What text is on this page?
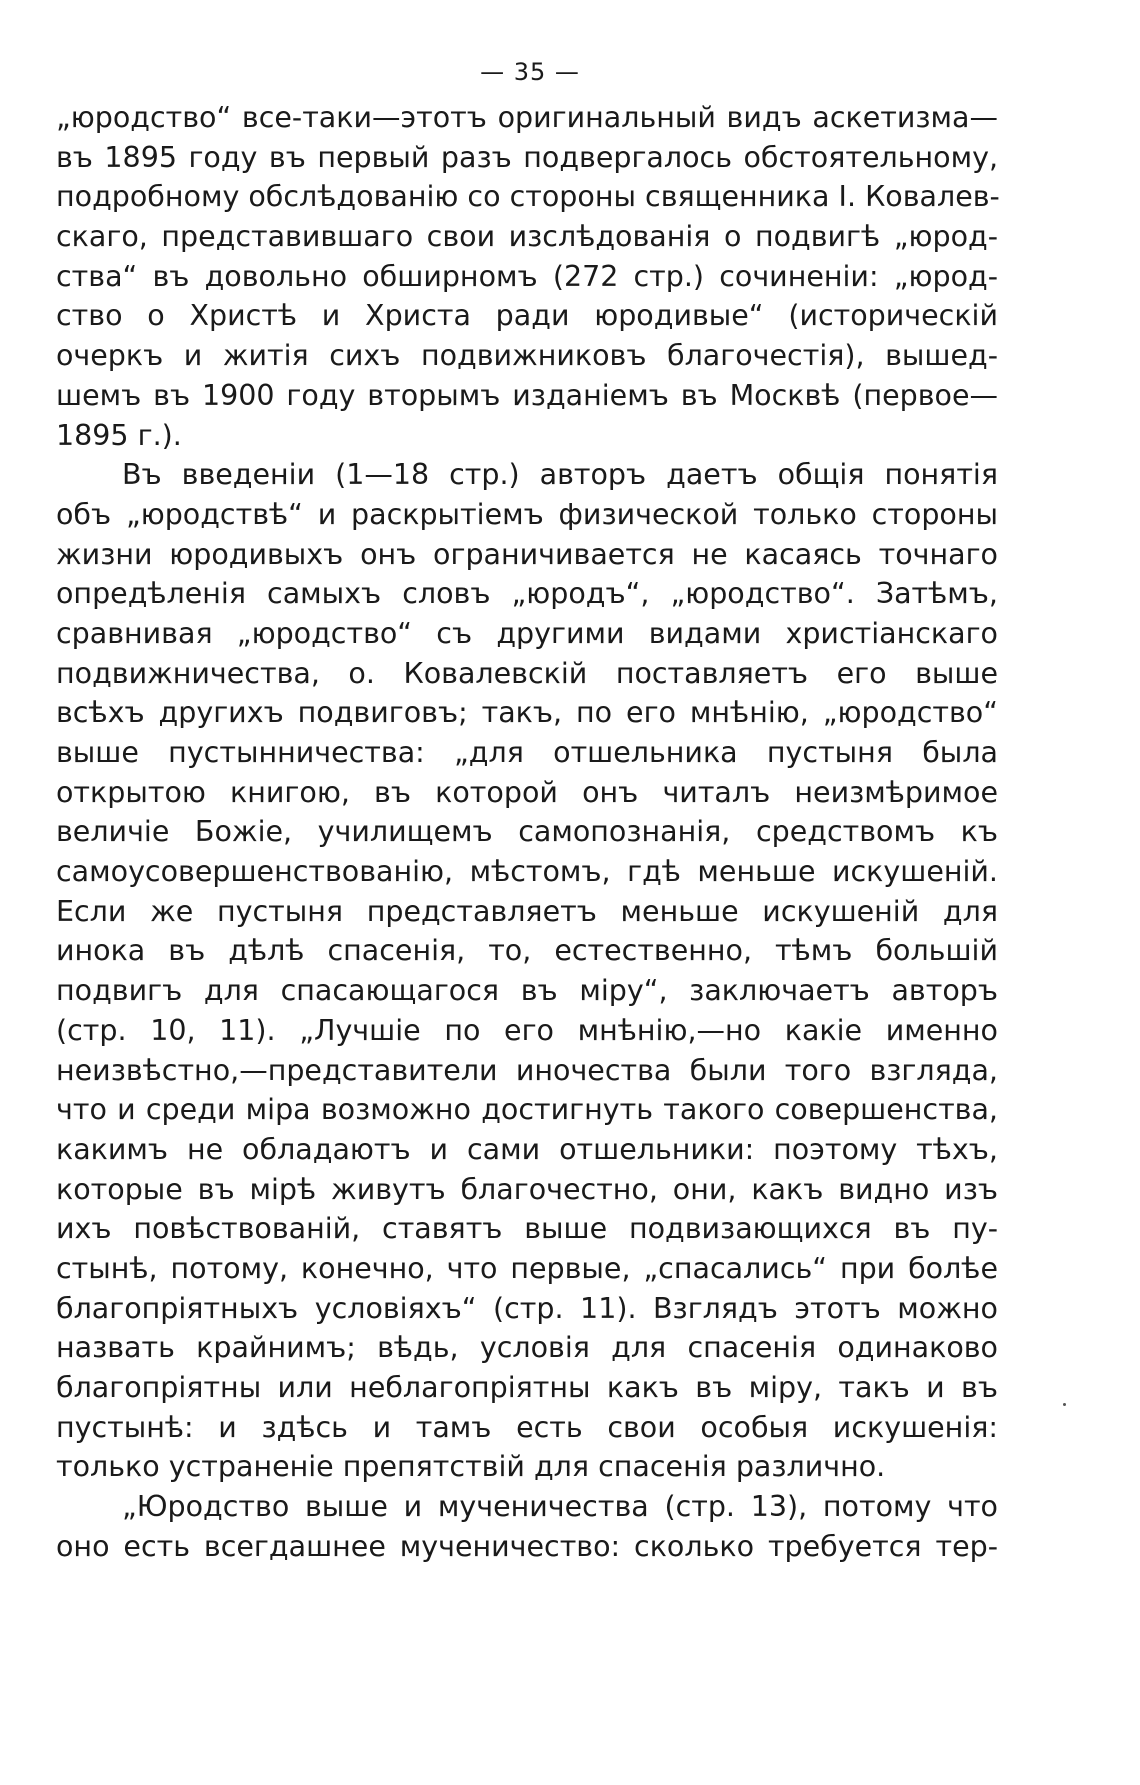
— 35 —
„юродство“ все-таки—этотъ оригинальный видъ аскетизма—
въ 1895 году въ первый разъ подвергалось обстоятельному,
подробному обслѣдованію со стороны священника І. Ковалев-
скаго, представившаго свои изслѣдованія о подвигѣ „юрод-
ства“ въ довольно обширномъ (272 стр.) сочиненіи: „юрод-
ство о Христѣ и Христа ради юродивые“ (историческій
очеркъ и житія сихъ подвижниковъ благочестія), вышед-
шемъ въ 1900 году вторымъ изданіемъ въ Москвѣ (первое—
1895 г.).
Въ введеніи (1—18 стр.) авторъ даетъ общія понятія
объ „юродствѣ“ и раскрытіемъ физической только стороны
жизни юродивыхъ онъ ограничивается не касаясь точнаго
опредѣленія самыхъ словъ „юродъ“, „юродство“. Затѣмъ,
сравнивая „юродство“ съ другими видами христіанскаго
подвижничества, о. Ковалевскій поставляетъ его выше
всѣхъ другихъ подвиговъ; такъ, по его мнѣнію, „юродство“
выше пустынничества: „для отшельника пустыня была
открытою книгою, въ которой онъ читалъ неизмѣримое
величіе Божіе, училищемъ самопознанія, средствомъ къ
самоусовершенствованію, мѣстомъ, гдѣ меньше искушеній.
Если же пустыня представляетъ меньше искушеній для
инока въ дѣлѣ спасенія, то, естественно, тѣмъ большій
подвигъ для спасающагося въ міру“, заключаетъ авторъ
(стр. 10, 11). „Лучшіе по его мнѣнію,—но какіе именно
неизвѣстно,—представители иночества были того взгляда,
что и среди міра возможно достигнуть такого совершенства,
какимъ не обладаютъ и сами отшельники: поэтому тѣхъ,
которые въ мірѣ живутъ благочестно, они, какъ видно изъ
ихъ повѣствованій, ставятъ выше подвизающихся въ пу-
стынѣ, потому, конечно, что первые, „спасались“ при болѣе
благопріятныхъ условіяхъ“ (стр. 11). Взглядъ этотъ можно
назвать крайнимъ; вѣдь, условія для спасенія одинаково
благопріятны или неблагопріятны какъ въ міру, такъ и въ
пустынѣ: и здѣсь и тамъ есть свои особыя искушенія:
только устраненіе препятствій для спасенія различно.
„Юродство выше и мученичества (стр. 13), потому что
оно есть всегдашнее мученичество: сколько требуется тер-
